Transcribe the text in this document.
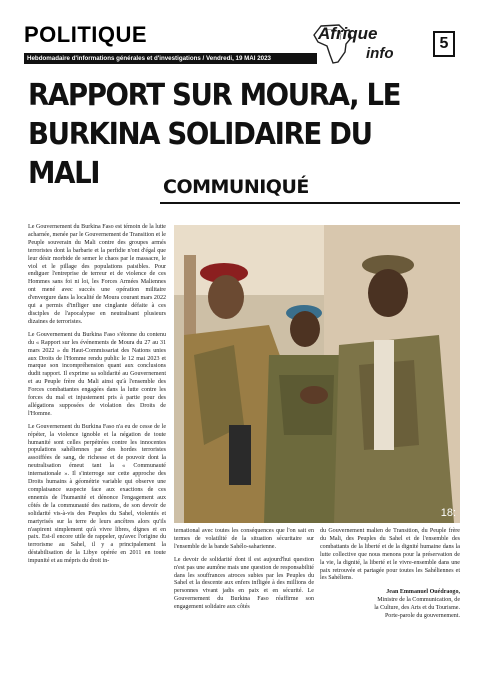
POLITIQUE
Hebdomadaire d'informations générales et d'investigations / Vendredi, 19 MAI 2023
Afrique
info
5
RAPPORT SUR MOURA, LE BURKINA SOLIDAIRE DU MALI	COMMUNIQUÉ

Le Gouvernement du Burkina Faso est témoin de la lutte acharnée, menée par le Gouvernement de Transition et le Peuple souverain du Mali contre des groupes armés terroristes dont la barbarie et la perfidie n'ont d'égal que leur désir morbide de semer le chaos par le massacre, le viol et le pillage des populations paisibles. Pour endiguer l'entreprise de terreur et de violence de ces Hommes sans foi ni loi, les Forces Armées Maliennes ont mené avec succès une opération militaire d'envergure dans la localité de Moura courant mars 2022 qui a permis d'infliger une cinglante défaite à ces disciples de l'apocalypse en neutralisant plusieurs dizaines de terroristes.

Le Gouvernement du Burkina Faso s'étonne du contenu du « Rapport sur les événements de Moura du 27 au 31 mars 2022 » du Haut-Commissariat des Nations unies aux Droits de l'Homme rendu public le 12 mai 2023 et marque son incompréhension quant aux conclusions dudit rapport. Il exprime sa solidarité au Gouvernement et au Peuple frère du Mali ainsi qu'à l'ensemble des Forces combattantes engagées dans la lutte contre les forces du mal et injustement pris à partie pour des allégations supposées de violation des Droits de l'Homme.

Le Gouvernement du Burkina Faso n'a eu de cesse de le répéter, la violence ignoble et la négation de toute humanité sont celles perpétrées contre les innocentes populations sahéliennes par des hordes terroristes assoiffées de sang, de richesse et de pouvoir dont la neutralisation émeut tant la « Communauté internationale ». Il s'interroge sur cette approche des Droits humains à géométrie variable qui observe une complaisance suspecte face aux exactions de ces ennemis de l'humanité et dénonce l'engagement aux côtés de la communauté des nations, de son devoir de solidarité vis-à-vis des Peuples du Sahel, violentés et martyrisés sur la terre de leurs ancêtres alors qu'ils n'aspirent simplement qu'à vivre libres, dignes et en paix. Est-il encore utile de rappeler, qu'avec l'origine du terrorisme au Sahel, il y a principalement la déstabilisation de la Libye opérée en 2011 en toute impunité et au mépris du droit in-

18:

ternational avec toutes les conséquences que l'on sait en termes de volatilité de la situation sécuritaire sur l'ensemble de la bande Sahélo-saharienne.

Le devoir de solidarité dont il est aujourd'hui question n'est pas une aumône mais une question de responsabilité dans les souffrances atroces subies par les Peuples du Sahel et la descente aux enfers infligée à des millions de personnes vivant jadis en paix et en sécurité. Le Gouvernement du Burkina Faso réaffirme son engagement solidaire aux côtés

du Gouvernement malien de Transition, du Peuple frère du Mali, des Peuples du Sahel et de l'ensemble des combattants de la liberté et de la dignité humaine dans la lutte collective que nous menons pour la préservation de la vie, la dignité, la liberté et le vivre-ensemble dans une paix retrouvée et partagée pour toutes les Sahéliennes et les Sahéliens.

Jean Emmanuel Ouédraogo,
Ministre de la Communication, de
la Culture, des Arts et du Tourisme.
Porte-parole du gouvernement.
